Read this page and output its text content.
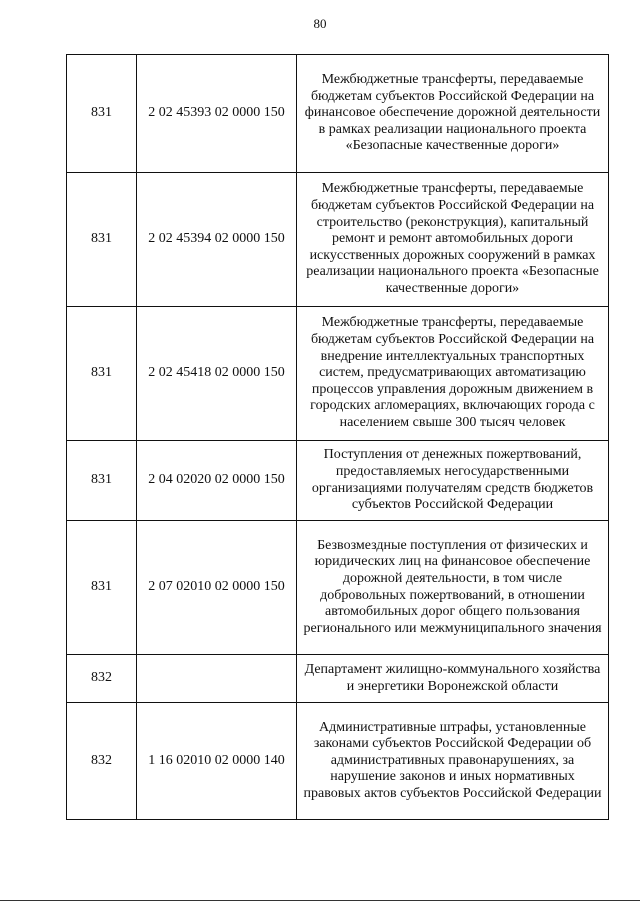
80
831	2 02 45393 02 0000 150	Межбюджетные трансферты, передаваемые бюджетам субъектов Российской Федерации на финансовое обеспечение дорожной деятельности в рамках реализации национального проекта «Безопасные качественные дороги»
831	2 02 45394 02 0000 150	Межбюджетные трансферты, передаваемые бюджетам субъектов Российской Федерации на строительство (реконструкция), капитальный ремонт и ремонт автомобильных дороги искусственных дорожных сооружений в рамках реализации национального проекта «Безопасные качественные дороги»
831	2 02 45418 02 0000 150	Межбюджетные трансферты, передаваемые бюджетам субъектов Российской Федерации на внедрение интеллектуальных транспортных систем, предусматривающих автоматизацию процессов управления дорожным движением в городских агломерациях, включающих города с населением свыше 300 тысяч человек
831	2 04 02020 02 0000 150	Поступления от денежных пожертвований, предоставляемых негосударственными организациями получателям средств бюджетов субъектов Российской Федерации
831	2 07 02010 02 0000 150	Безвозмездные поступления от физических и юридических лиц на финансовое обеспечение дорожной деятельности, в том числе добровольных пожертвований, в отношении автомобильных дорог общего пользования регионального или межмуниципального значения
832		Департамент жилищно-коммунального хозяйства и энергетики Воронежской области
832	1 16 02010 02 0000 140	Административные штрафы, установленные законами субъектов Российской Федерации об административных правонарушениях, за нарушение законов и иных нормативных правовых актов субъектов Российской Федерации
